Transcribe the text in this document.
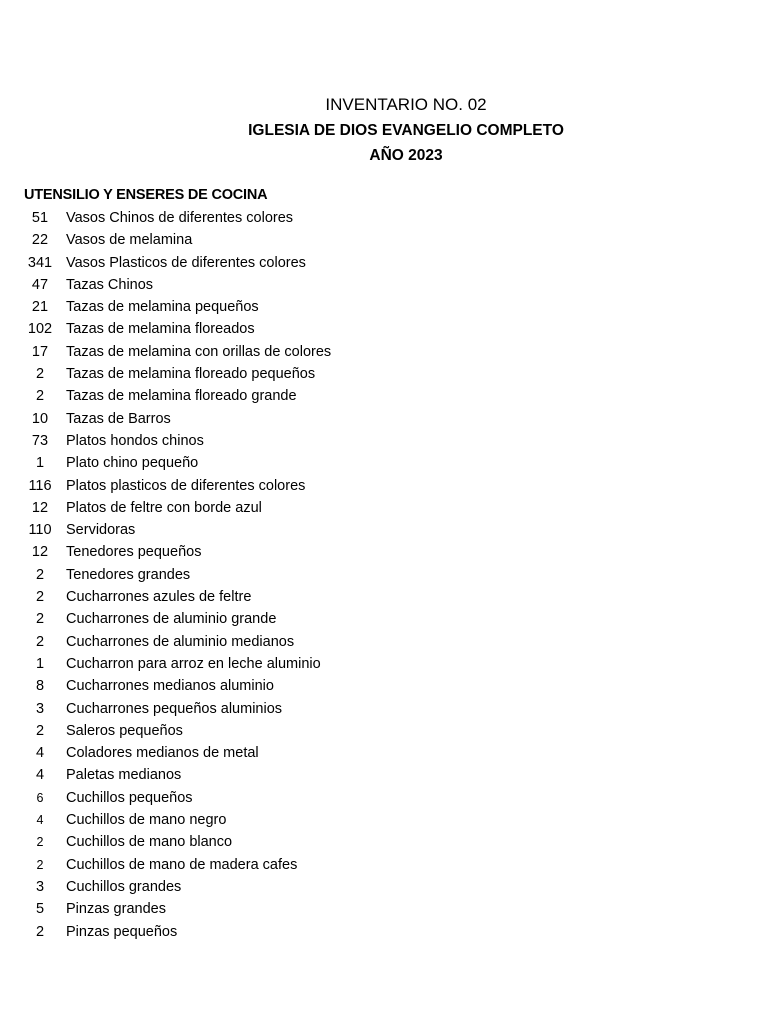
INVENTARIO NO. 02
IGLESIA DE DIOS EVANGELIO COMPLETO
AÑO 2023
UTENSILIO Y ENSERES DE COCINA
51 Vasos Chinos de diferentes colores
22 Vasos de melamina
341 Vasos Plasticos de diferentes colores
47 Tazas Chinos
21 Tazas de melamina pequeños
102 Tazas de melamina floreados
17 Tazas de melamina con orillas de colores
2 Tazas de melamina floreado pequeños
2 Tazas de melamina floreado grande
10 Tazas de Barros
73 Platos hondos chinos
1 Plato chino pequeño
116 Platos plasticos de diferentes colores
12 Platos de feltre con borde azul
110 Servidoras
12 Tenedores pequeños
2 Tenedores grandes
2 Cucharrones azules de feltre
2 Cucharrones de aluminio grande
2 Cucharrones de aluminio medianos
1 Cucharron para arroz en leche aluminio
8 Cucharrones medianos aluminio
3 Cucharrones pequeños aluminios
2 Saleros pequeños
4 Coladores medianos de metal
4 Paletas medianos
6 Cuchillos pequeños
4 Cuchillos de mano negro
2 Cuchillos de mano blanco
2 Cuchillos de mano de madera cafes
3 Cuchillos grandes
5 Pinzas grandes
2 Pinzas pequeños
